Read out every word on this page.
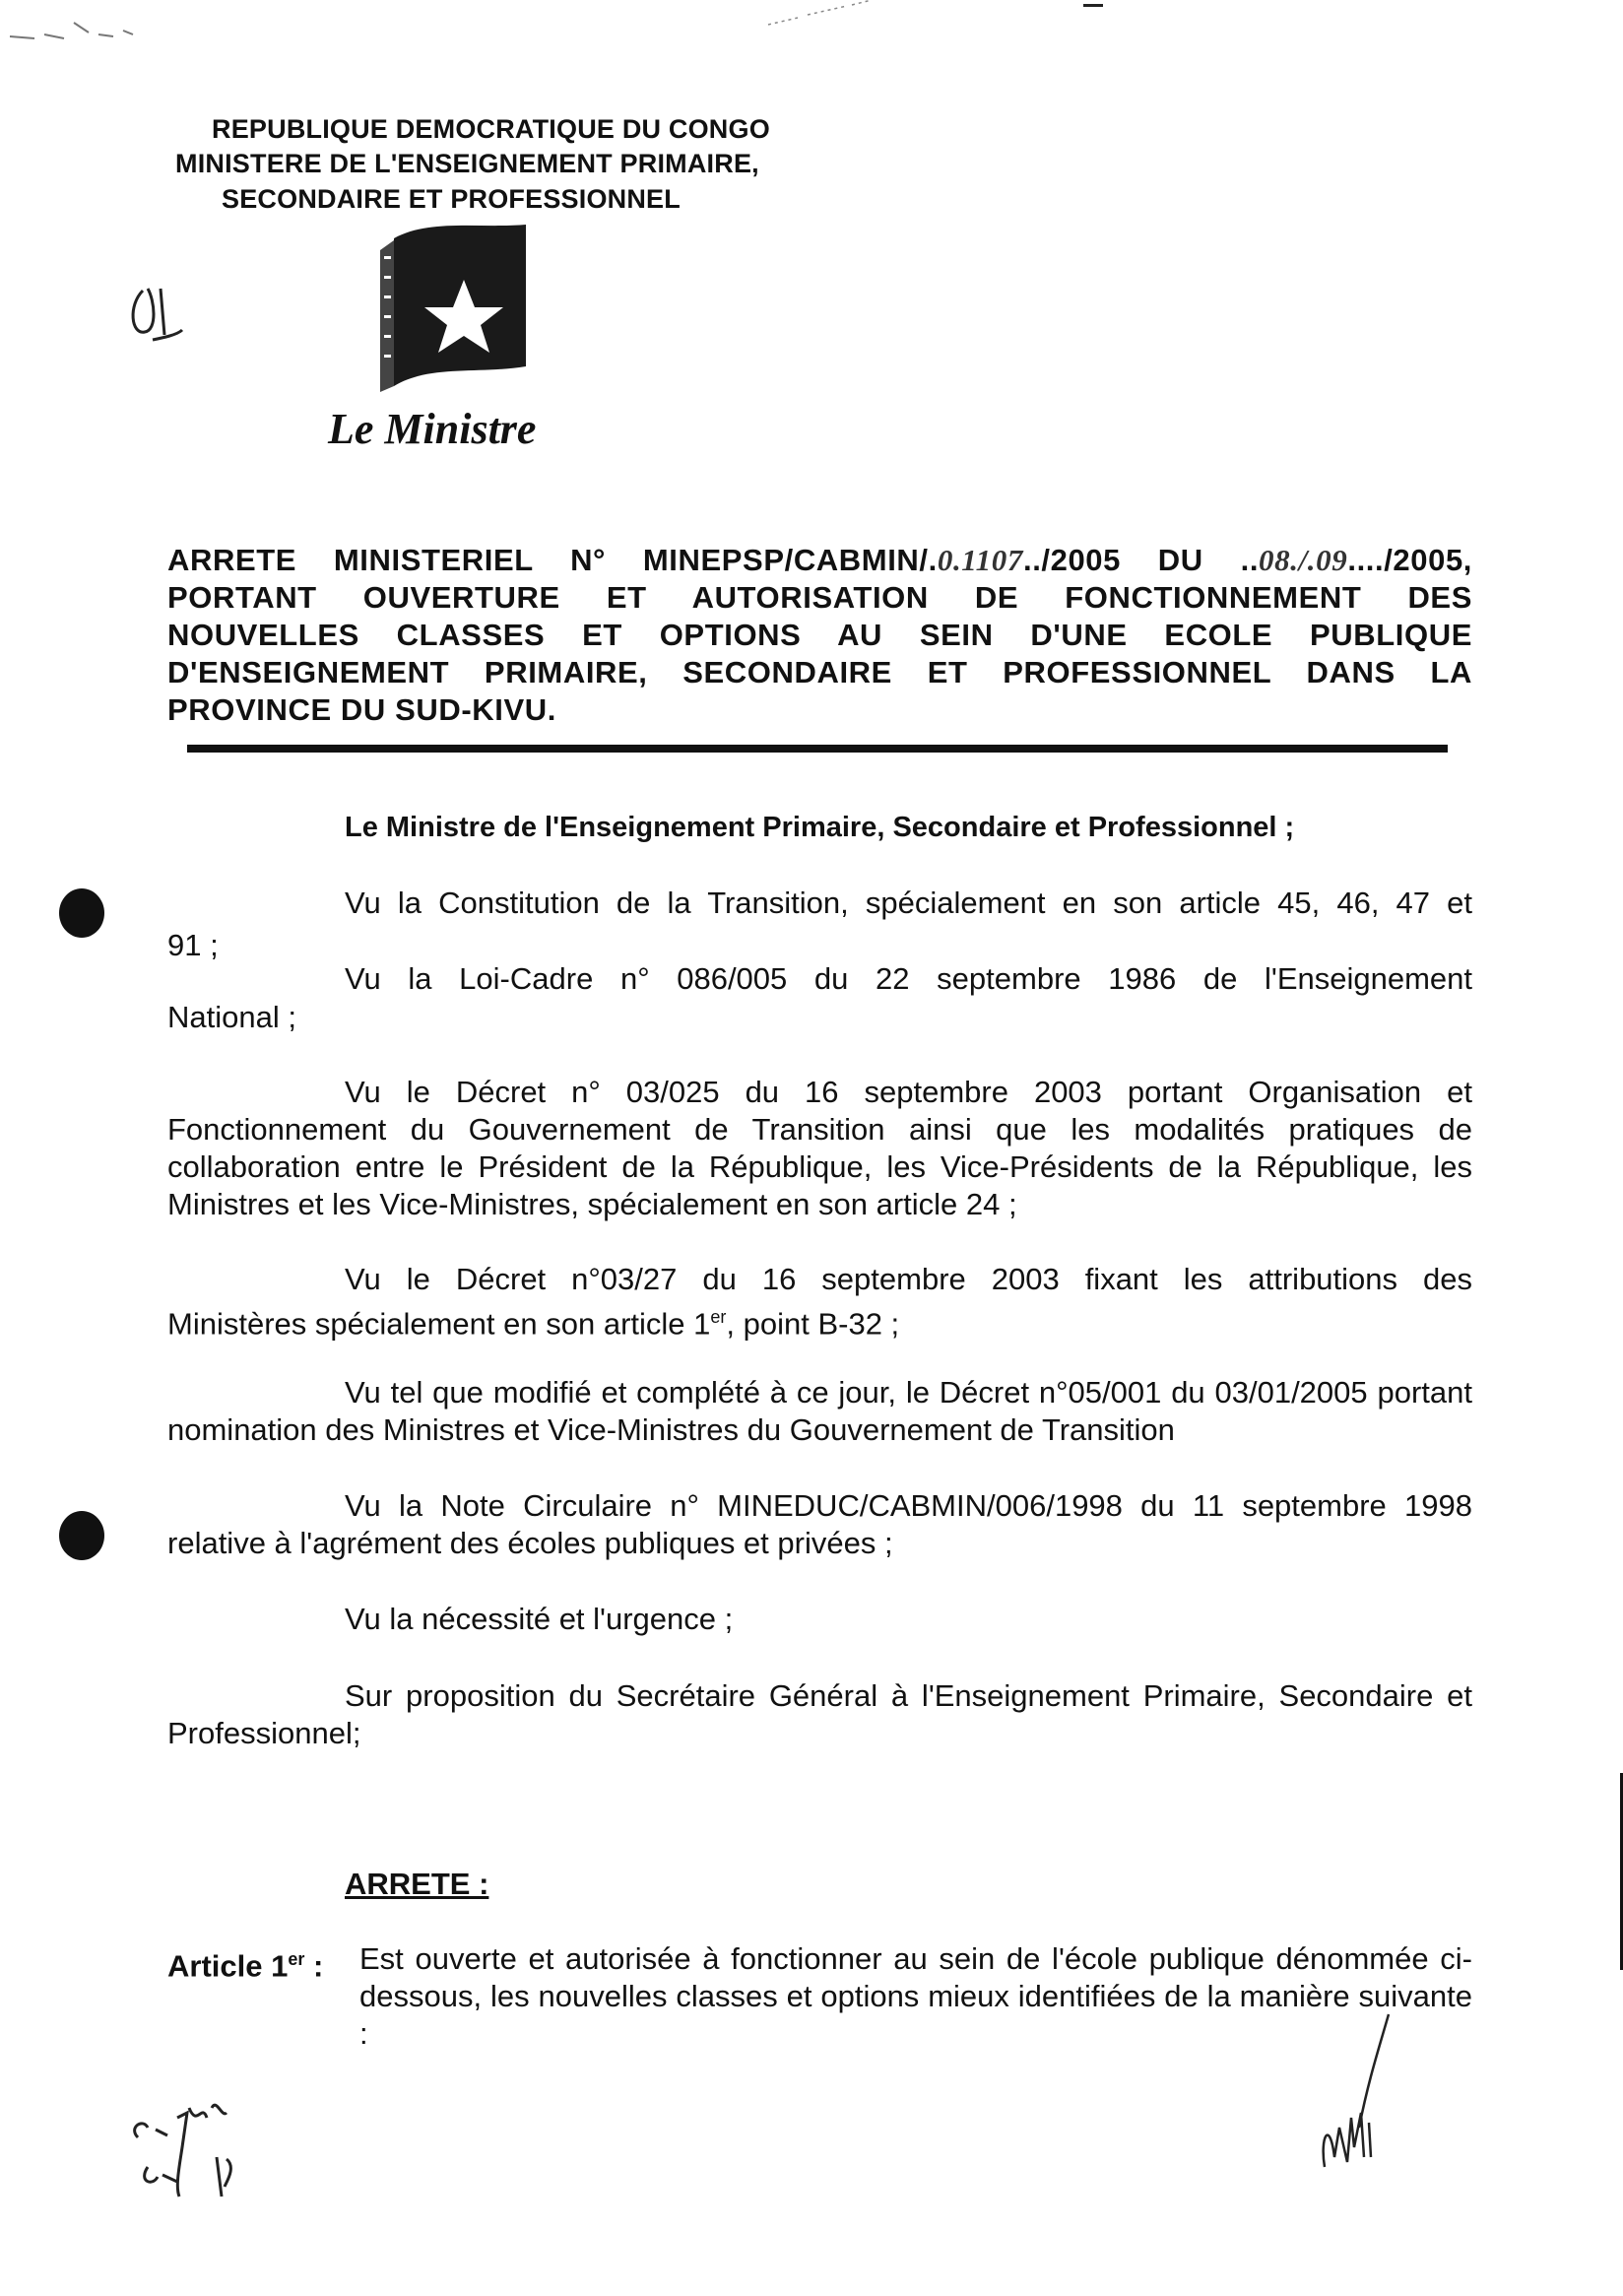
REPUBLIQUE DEMOCRATIQUE DU CONGO
MINISTERE DE L'ENSEIGNEMENT PRIMAIRE,
SECONDAIRE ET PROFESSIONNEL
Le Ministre
ARRETE MINISTERIEL N° MINEPSP/CABMIN/.0.1107../2005 DU ..08./.09..../2005,
PORTANT OUVERTURE ET AUTORISATION DE FONCTIONNEMENT DES
NOUVELLES CLASSES ET OPTIONS AU SEIN D'UNE ECOLE PUBLIQUE
D'ENSEIGNEMENT PRIMAIRE, SECONDAIRE ET PROFESSIONNEL DANS LA
PROVINCE DU SUD-KIVU.
Le Ministre de l'Enseignement Primaire, Secondaire et Professionnel ;
Vu la Constitution de la Transition, spécialement en son article 45, 46, 47 et
91 ;
Vu la Loi-Cadre n° 086/005 du 22 septembre 1986 de l'Enseignement
National ;
Vu le Décret n° 03/025 du 16 septembre 2003 portant Organisation et Fonctionnement du Gouvernement de Transition ainsi que les modalités pratiques de collaboration entre le Président de la République, les Vice-Présidents de la République, les Ministres et les Vice-Ministres, spécialement en son article 24 ;
Vu le Décret n°03/27 du 16 septembre 2003 fixant les attributions des
Ministères spécialement en son article 1er, point B-32 ;
Vu tel que modifié et complété à ce jour, le Décret n°05/001 du 03/01/2005 portant nomination des Ministres et Vice-Ministres du Gouvernement de Transition
Vu la Note Circulaire n° MINEDUC/CABMIN/006/1998 du 11 septembre 1998 relative à l'agrément des écoles publiques et privées ;
Vu la nécessité et l'urgence ;
Sur proposition du Secrétaire Général à l'Enseignement Primaire, Secondaire et Professionnel;
ARRETE :
Article 1er : Est ouverte et autorisée à fonctionner au sein de l'école publique dénommée ci-dessous, les nouvelles classes et options mieux identifiées de la manière suivante :
